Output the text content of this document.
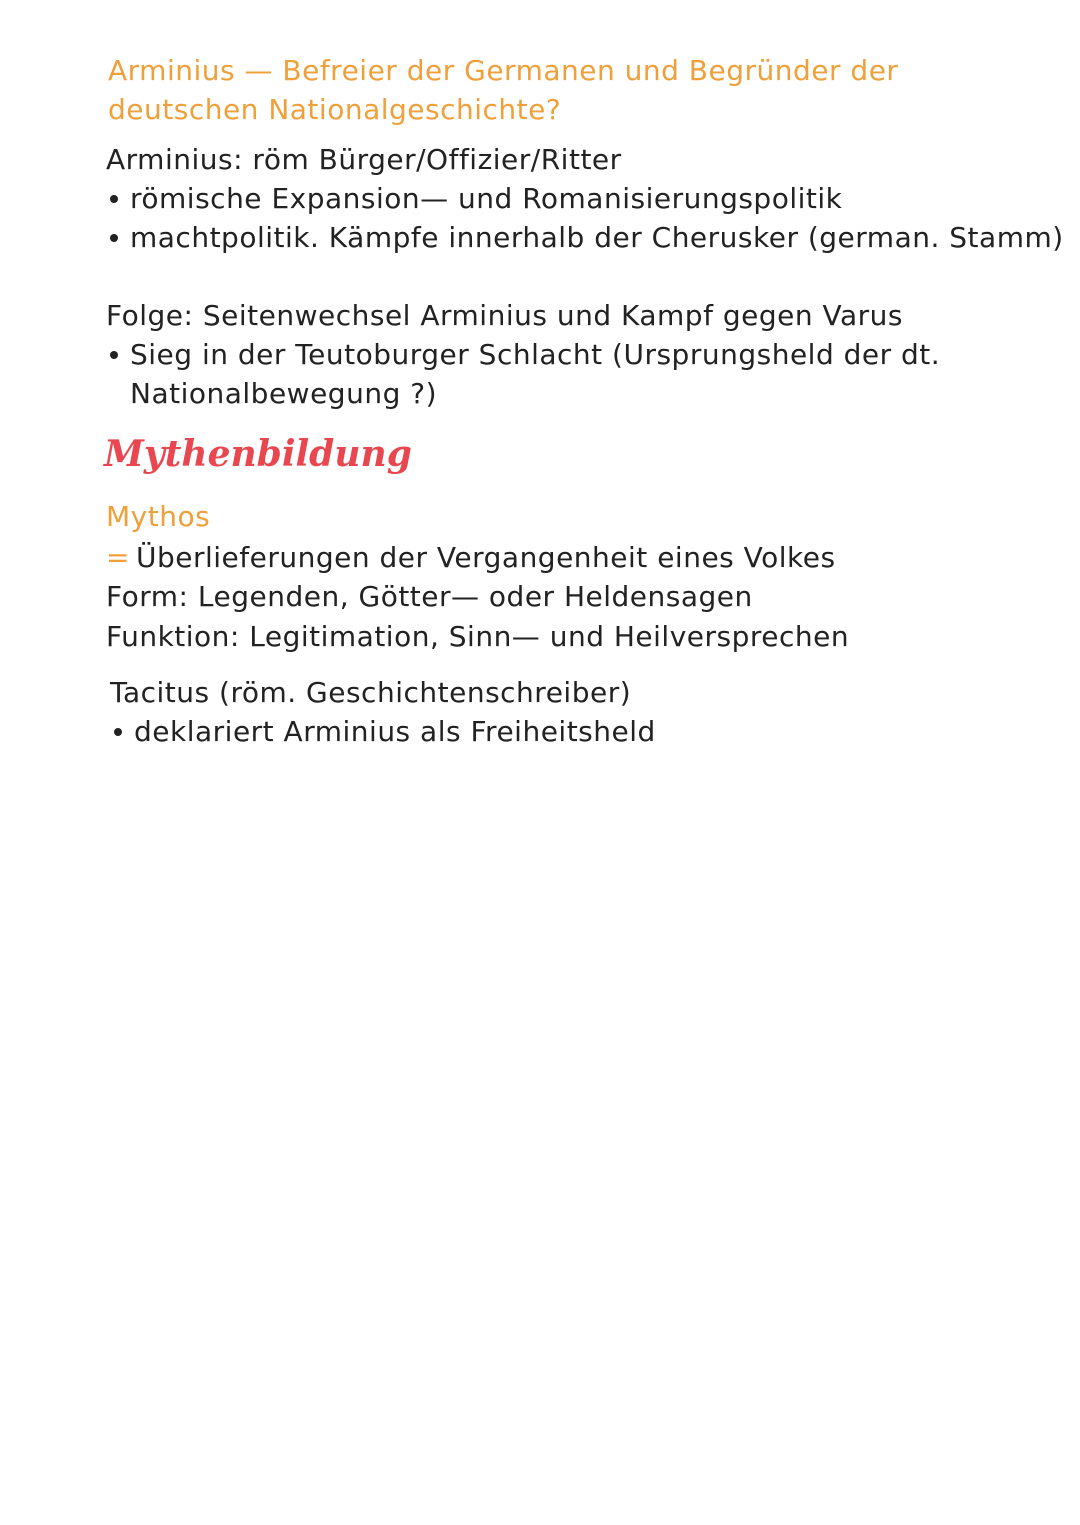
Arminius — Befreier der Germanen und Begründer der
deutschen Nationalgeschichte?
Arminius: röm Bürger/Offizier/Ritter
römische Expansion— und Romanisierungspolitik
machtpolitik. Kämpfe innerhalb der Cherusker (german. Stamm)
Folge: Seitenwechsel Arminius und Kampf gegen Varus
Sieg in der Teutoburger Schlacht (Ursprungsheld der dt.
Nationalbewegung ?)
Mythenbildung
Mythos
= Überlieferungen der Vergangenheit eines Volkes
Form: Legenden, Götter— oder Heldensagen
Funktion: Legitimation, Sinn— und Heilversprechen
Tacitus (röm. Geschichtenschreiber)
deklariert Arminius als Freiheitsheld
